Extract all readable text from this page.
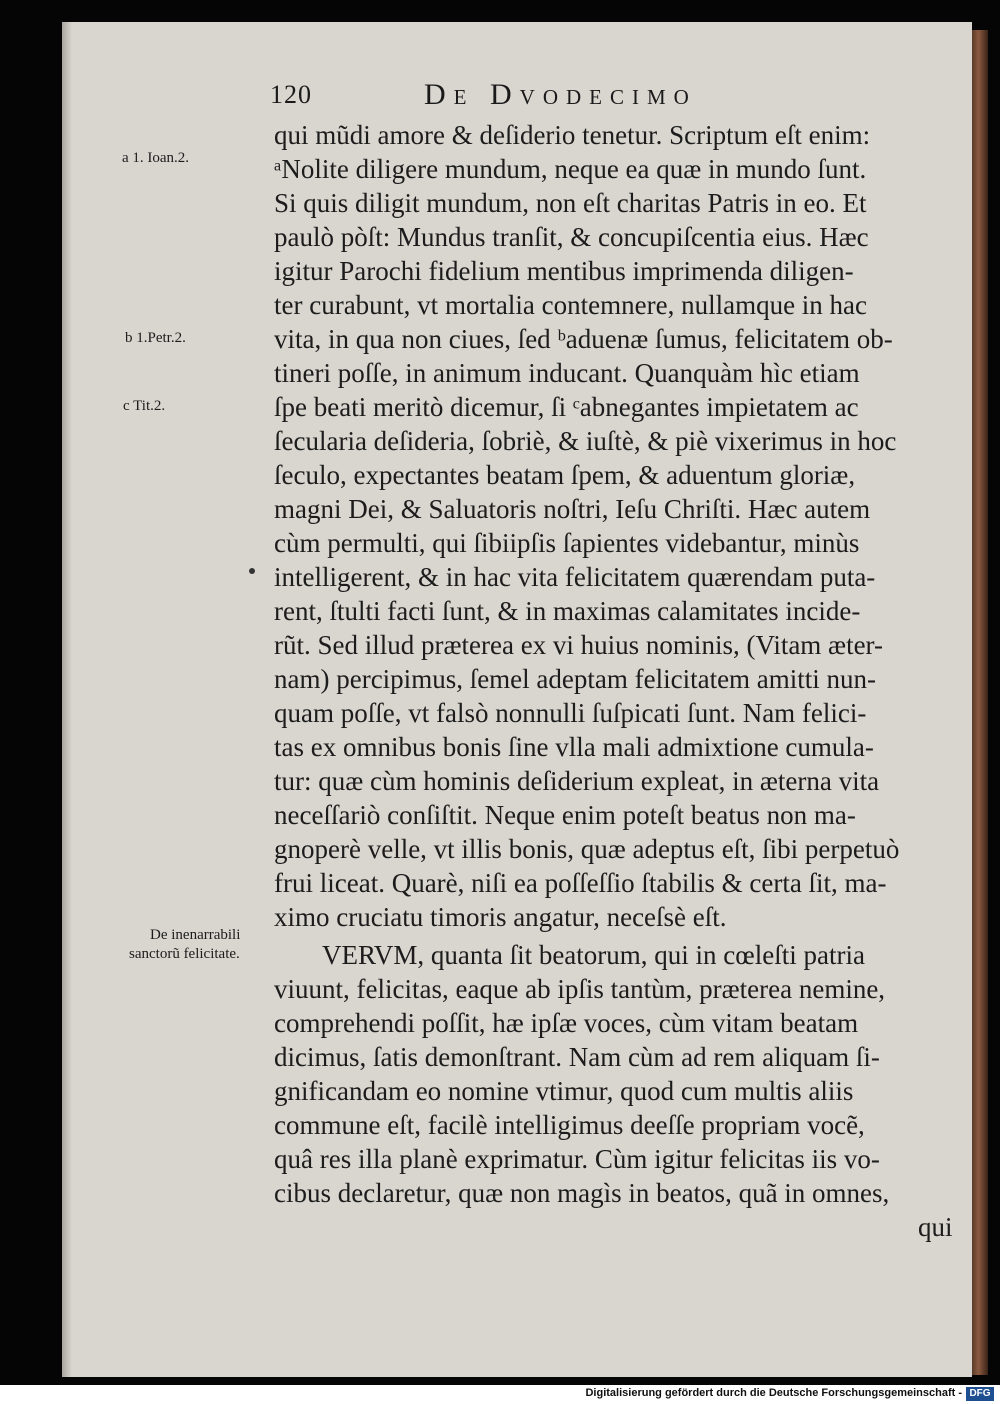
120	De Dvodecimo
a 1. Ioan.2.
b 1.Petr.2.
c Tit.2.
De inenarrabili
sanctorũ felicitate.
qui mũdi amore & deſiderio tenetur. Scriptum eſt enim:
ᵃNolite diligere mundum, neque ea quæ in mundo ſunt.
Si quis diligit mundum, non eſt charitas Patris in eo. Et
paulò pòſt: Mundus tranſit, & concupiſcentia eius. Hæc
igitur Parochi fidelium mentibus imprimenda diligen-
ter curabunt, vt mortalia contemnere, nullamque in hac
vita, in qua non ciues, ſed ᵇaduenæ ſumus, felicitatem ob-
tineri poſſe, in animum inducant. Quanquàm hìc etiam
ſpe beati meritò dicemur, ſi ᶜabnegantes impietatem ac
ſecularia deſideria, ſobriè, & iuſtè, & piè vixerimus in hoc
ſeculo, expectantes beatam ſpem, & aduentum gloriæ,
magni Dei, & Saluatoris noſtri, Ieſu Chriſti. Hæc autem
cùm permulti, qui ſibiipſis ſapientes videbantur, minùs
intelligerent, & in hac vita felicitatem quærendam puta-
rent, ſtulti facti ſunt, & in maximas calamitates incide-
rũt. Sed illud præterea ex vi huius nominis, (Vitam æter-
nam) percipimus, ſemel adeptam felicitatem amitti nun-
quam poſſe, vt falsò nonnulli ſuſpicati ſunt. Nam felici-
tas ex omnibus bonis ſine vlla mali admixtione cumula-
tur: quæ cùm hominis deſiderium expleat, in æterna vita
neceſſariò conſiſtit. Neque enim poteſt beatus non ma-
gnoperè velle, vt illis bonis, quæ adeptus eſt, ſibi perpetuò
frui liceat. Quarè, niſi ea poſſeſſio ſtabilis & certa ſit, ma-
ximo cruciatu timoris angatur, neceſsè eſt.
VERVM, quanta ſit beatorum, qui in cœleſti patria
viuunt, felicitas, eaque ab ipſis tantùm, præterea nemine,
comprehendi poſſit, hæ ipſæ voces, cùm vitam beatam
dicimus, ſatis demonſtrant. Nam cùm ad rem aliquam ſi-
gnificandam eo nomine vtimur, quod cum multis aliis
commune eſt, facilè intelligimus deeſſe propriam vocẽ,
quâ res illa planè exprimatur. Cùm igitur felicitas iis vo-
cibus declaretur, quæ non magìs in beatos, quã in omnes,
qui
Digitalisierung gefördert durch die Deutsche Forschungsgemeinschaft - DFG
